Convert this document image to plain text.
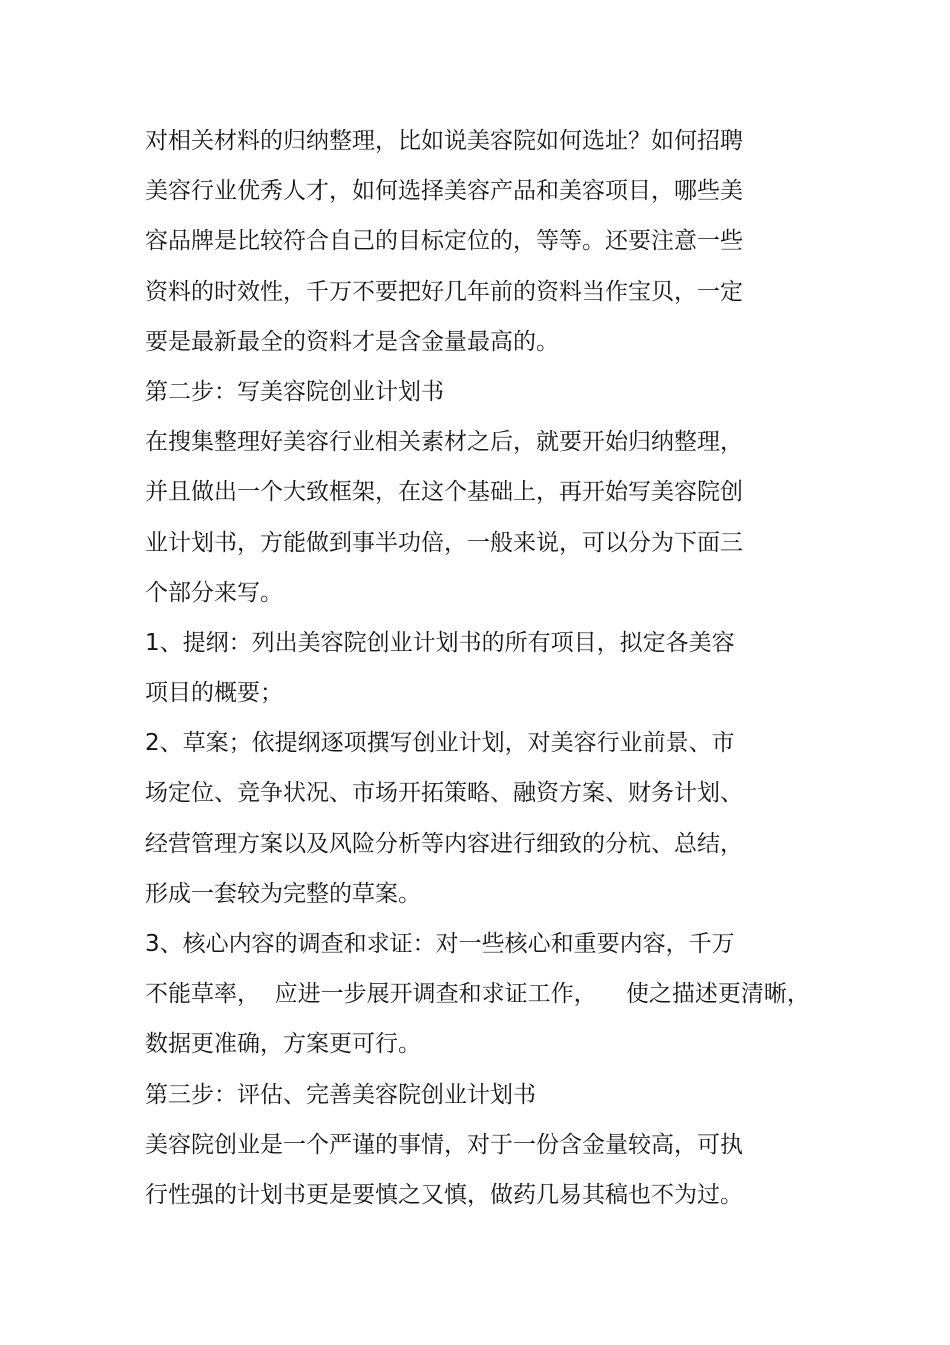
对相关材料的归纳整理，比如说美容院如何选址？如何招聘
美容行业优秀人才，如何选择美容产品和美容项目，哪些美
容品牌是比较符合自己的目标定位的，等等。还要注意一些
资料的时效性，千万不要把好几年前的资料当作宝贝，一定
要是最新最全的资料才是含金量最高的。
第二步：写美容院创业计划书
在搜集整理好美容行业相关素材之后，就要开始归纳整理，
并且做出一个大致框架，在这个基础上，再开始写美容院创
业计划书，方能做到事半功倍，一般来说，可以分为下面三
个部分来写。
1、提纲：列出美容院创业计划书的所有项目，拟定各美容
项目的概要；
2、草案；依提纲逐项撰写创业计划，对美容行业前景、市
场定位、竞争状况、市场开拓策略、融资方案、财务计划、
经营管理方案以及风险分析等内容进行细致的分杭、总结，
形成一套较为完整的草案。
3、核心内容的调查和求证：对一些核心和重要内容，千万
不能草率，  应进一步展开调查和求证工作，    使之描述更清晰，
数据更准确，方案更可行。
第三步：评估、完善美容院创业计划书
美容院创业是一个严谨的事情，对于一份含金量较高，可执
行性强的计划书更是要慎之又慎，做药几易其稿也不为过。
